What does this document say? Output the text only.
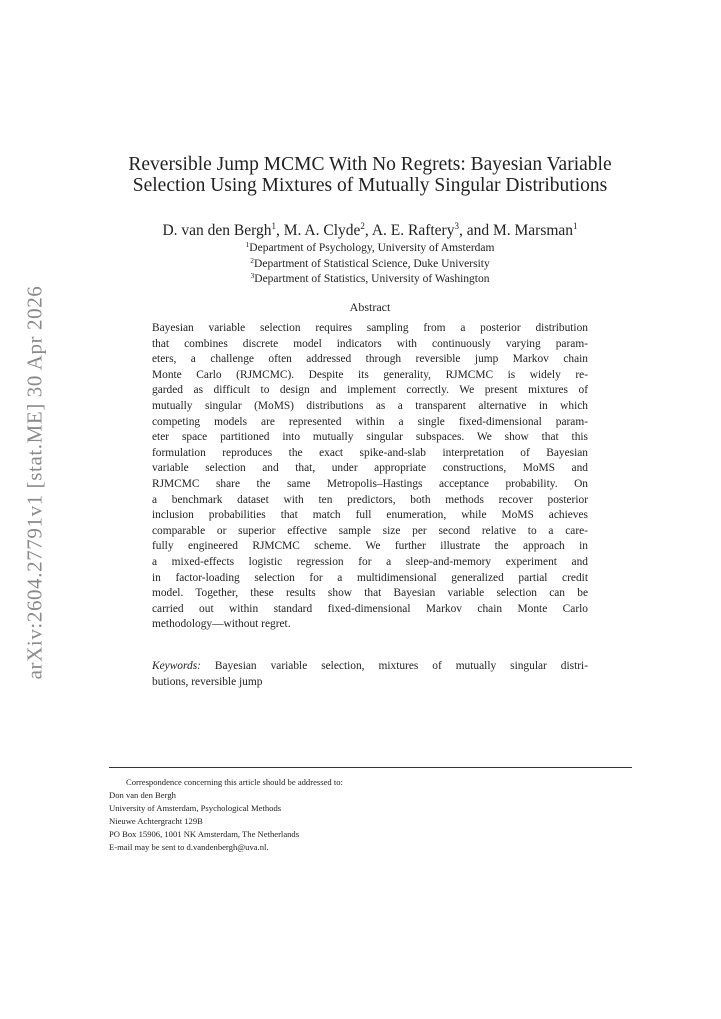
arXiv:2604.27791v1 [stat.ME] 30 Apr 2026
Reversible Jump MCMC With No Regrets: Bayesian Variable
Selection Using Mixtures of Mutually Singular Distributions
D. van den Bergh$^1$, M. A. Clyde$^2$, A. E. Raftery$^3$, and M. Marsman$^1$
$^1$Department of Psychology, University of Amsterdam
$^2$Department of Statistical Science, Duke University
$^3$Department of Statistics, University of Washington
Abstract
Bayesian variable selection requires sampling from a posterior distribution
that combines discrete model indicators with continuously varying param-
eters, a challenge often addressed through reversible jump Markov chain
Monte Carlo (RJMCMC). Despite its generality, RJMCMC is widely re-
garded as difficult to design and implement correctly. We present mixtures of
mutually singular (MoMS) distributions as a transparent alternative in which
competing models are represented within a single fixed-dimensional param-
eter space partitioned into mutually singular subspaces. We show that this
formulation reproduces the exact spike-and-slab interpretation of Bayesian
variable selection and that, under appropriate constructions, MoMS and
RJMCMC share the same Metropolis–Hastings acceptance probability. On
a benchmark dataset with ten predictors, both methods recover posterior
inclusion probabilities that match full enumeration, while MoMS achieves
comparable or superior effective sample size per second relative to a care-
fully engineered RJMCMC scheme. We further illustrate the approach in
a mixed-effects logistic regression for a sleep-and-memory experiment and
in factor-loading selection for a multidimensional generalized partial credit
model. Together, these results show that Bayesian variable selection can be
carried out within standard fixed-dimensional Markov chain Monte Carlo
methodology—without regret.
Keywords: Bayesian variable selection, mixtures of mutually singular distri-
butions, reversible jump
Correspondence concerning this article should be addressed to:
Don van den Bergh
University of Amsterdam, Psychological Methods
Nieuwe Achtergracht 129B
PO Box 15906, 1001 NK Amsterdam, The Netherlands
E-mail may be sent to d.vandenbergh@uva.nl.
